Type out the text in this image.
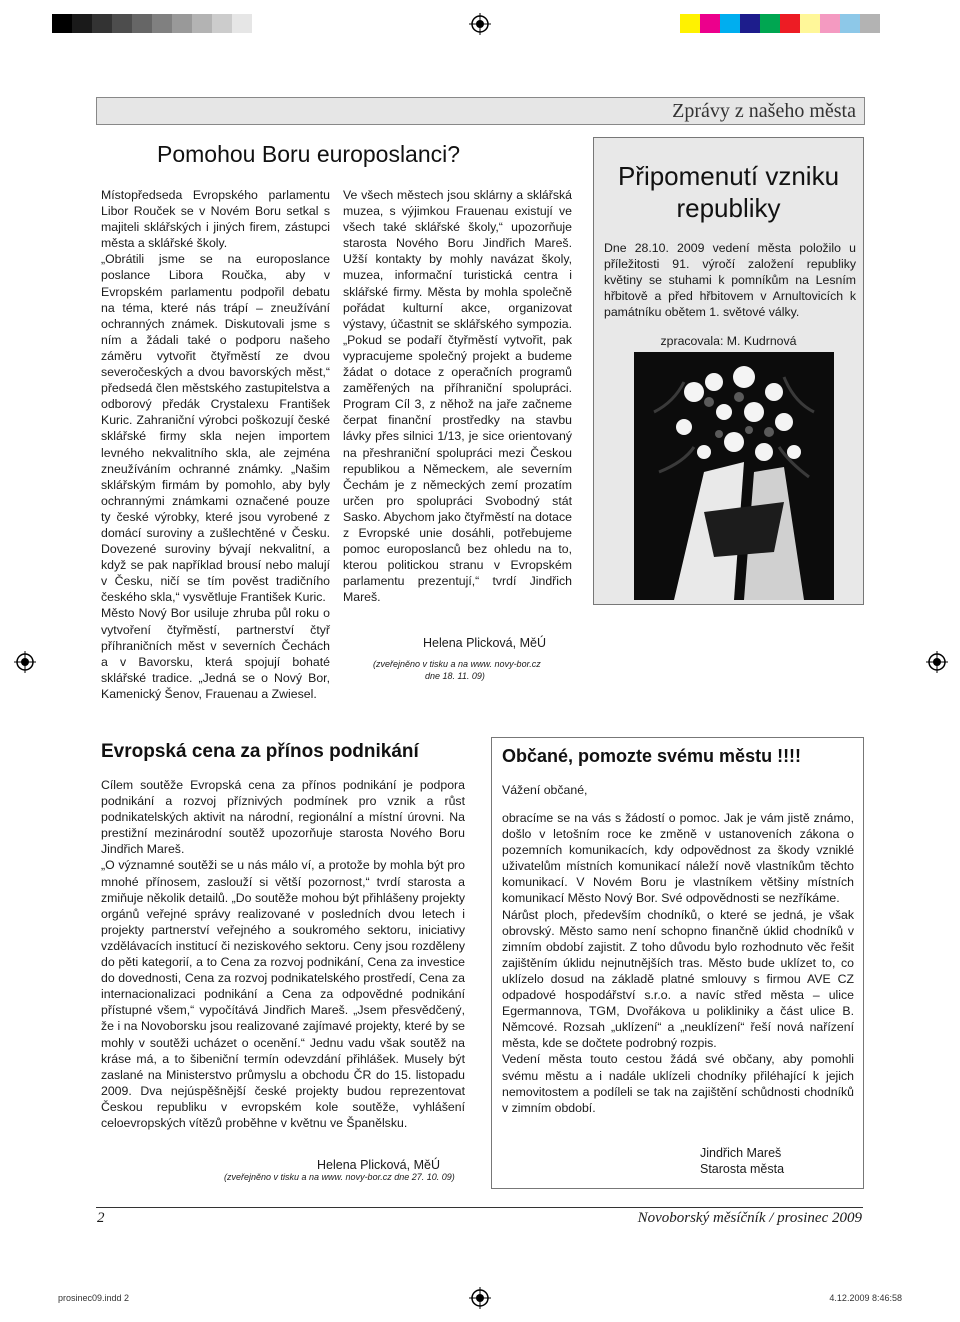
Zprávy z našeho města
Pomohou Boru europoslanci?

Místopředseda Evropského parlamentu Libor Rouček se v Novém Boru setkal s majiteli sklářských i jiných firem, zástupci města a sklářské školy.

„Obrátili jsme se na europoslance poslance Libora Roučka, aby v Evropském parlamentu podpořil debatu na téma, které nás trápí – zneužívání ochranných známek. Diskutovali jsme s ním a žádali také o podporu našeho záměru vytvořit čtyřměstí ze dvou severočeských a dvou bavorských měst,“ předsedá člen městského zastupitelstva a odborový předák Crystalexu František Kuric. Zahraniční výrobci poškozují české sklářské firmy skla nejen importem levného nekvalitního skla, ale zejména zneužíváním ochranné známky. „Našim sklářským firmám by pomohlo, aby byly ochrannými známkami označené pouze ty české výrobky, které jsou vyrobené z domácí suroviny a zušlechtěné v Česku. Dovezené suroviny bývají nekvalitní, a když se pak například brousí nebo malují v Česku, ničí se tím pověst tradičního českého skla,“ vysvětluje František Kuric.

Město Nový Bor usiluje zhruba půl roku o vytvoření čtyřměstí, partnerství čtyř příhraničních měst v severních Čechách a v Bavorsku, která spojují bohaté sklářské tradice. „Jedná se o Nový Bor, Kamenický Šenov, Frauenau a Zwiesel.

Ve všech městech jsou sklárny a sklářská muzea, s výjimkou Frauenau existují ve všech také sklářské školy,“ upozorňuje starosta Nového Boru Jindřich Mareš. Užší kontakty by mohly navázat školy, muzea, informační turistická centra i sklářské firmy. Města by mohla společně pořádat kulturní akce, organizovat výstavy, účastnit se sklářského sympozia. „Pokud se podaří čtyřměstí vytvořit, pak vypracujeme společný projekt a budeme žádat o dotace z operačních programů zaměřených na příhraniční spolupráci. Program Cíl 3, z něhož na jaře začneme čerpat finanční prostředky na stavbu lávky přes silnici 1/13, je sice orientovaný na přeshraniční spolupráci mezi Českou republikou a Německem, ale severním Čechám je z německých zemí prozatím určen pro spolupráci Svobodný stát Sasko. Abychom jako čtyřměstí na dotace z Evropské unie dosáhli, potřebujeme pomoc europoslanců bez ohledu na to, kterou politickou stranu v Evropském parlamentu prezentují,“ tvrdí Jindřich Mareš.

Helena Plicková, MěÚ
(zveřejněno v tisku a na www. novy-bor.cz
dne 18. 11. 09)
Připomenutí vzniku republiky
Dne 28.10. 2009 vedení města položilo u příležitosti 91. výročí založení republiky květiny se stuhami k pomníkům na Lesním hřbitově a před hřbitovem v Arnultovicích k památníku obětem 1. světové války.
zpracovala: M. Kudrnová
Evropská cena za přínos podnikání

Cílem soutěže Evropská cena za přínos podnikání je podporа podnikání a rozvoj příznivých podmínek pro vznik a růst podnikatelských aktivit na národní, regionální a místní úrovni. Na prestižní mezinárodní soutěž upozorňuje starosta Nového Boru Jindřich Mareš.

„O významné soutěži se u nás málo ví, a protože by mohla být pro mnohé přínosem, zaslouží si větší pozornost,“ tvrdí starosta a zmiňuje několik detailů. „Do soutěže mohou být přihlášeny projekty orgánů veřejné správy realizované v posledních dvou letech i projekty partnerství veřejného a soukromého sektoru, iniciativy vzdělávacích institucí či neziskového sektoru. Ceny jsou rozděleny do pěti kategorií, a to Cena za rozvoj podnikání, Cena za investice do dovednosti, Cena za rozvoj podnikatelského prostředí, Cena za internacionalizaci podnikání a Cena za odpovědné podnikání přístupné všem,“ vypočítává Jindřich Mareš. „Jsem přesvědčený, že i na Novoborsku jsou realizované zajímavé projekty, které by se mohly v soutěži ucházet o ocenění.“ Jednu vadu však soutěž na kráse má, a to šibeniční termín odevzdání přihlášek. Musely být zaslané na Ministerstvo průmyslu a obchodu ČR do 15. listopadu 2009. Dva nejúspěšnější české projekty budou reprezentovat Českou republiku v evropském kole soutěže, vyhlášení celoevropských vítězů proběhne v květnu ve Španělsku.

Helena Plicková, MěÚ
(zveřejněno v tisku a na www. novy-bor.cz dne 27. 10. 09)
Občané, pomozte svému městu !!!!
Vážení občané,

obracíme se na vás s žádostí o pomoc. Jak je vám jistě známo, došlo v letošním roce ke změně v ustanoveních zákona o pozemních komunikacích, kdy odpovědnost za škody vzniklé uživatelům místních komunikací náleží nově vlastníkům těchto komunikací. V Novém Boru je vlastníkem většiny místních komunikací Město Nový Bor. Své odpovědnosti se nezříkáme.

Nárůst ploch, především chodníků, o které se jedná, je však obrovský. Město samo není schopno finančně úklid chodníků v zimním období zajistit. Z toho důvodu bylo rozhodnuto věc řešit zajištěním úklidu nejnutnějších tras. Město bude uklízet to, co uklízelo dosud na základě platné smlouvy s firmou AVE CZ odpadové hospodářství s.r.o. a navíc střed města – ulice Egermannova, TGM, Dvořákova u polikliniky a část ulice B. Němcové. Rozsah „uklízení“ a „neuklízení“ řeší nová nařízení města, kde se dočtete podrobný rozpis.

Vedení města touto cestou žádá své občany, aby pomohli svému městu a i nadále uklízeli chodníky přiléhající k jejich nemovitostem a podíleli se tak na zajištění schůdnosti chodníků v zimním období.

Jindřich Mareš
Starosta města
2	Novoborský měsíčník / prosinec 2009
prosinec09.indd 2	4.12.2009 8:46:58
